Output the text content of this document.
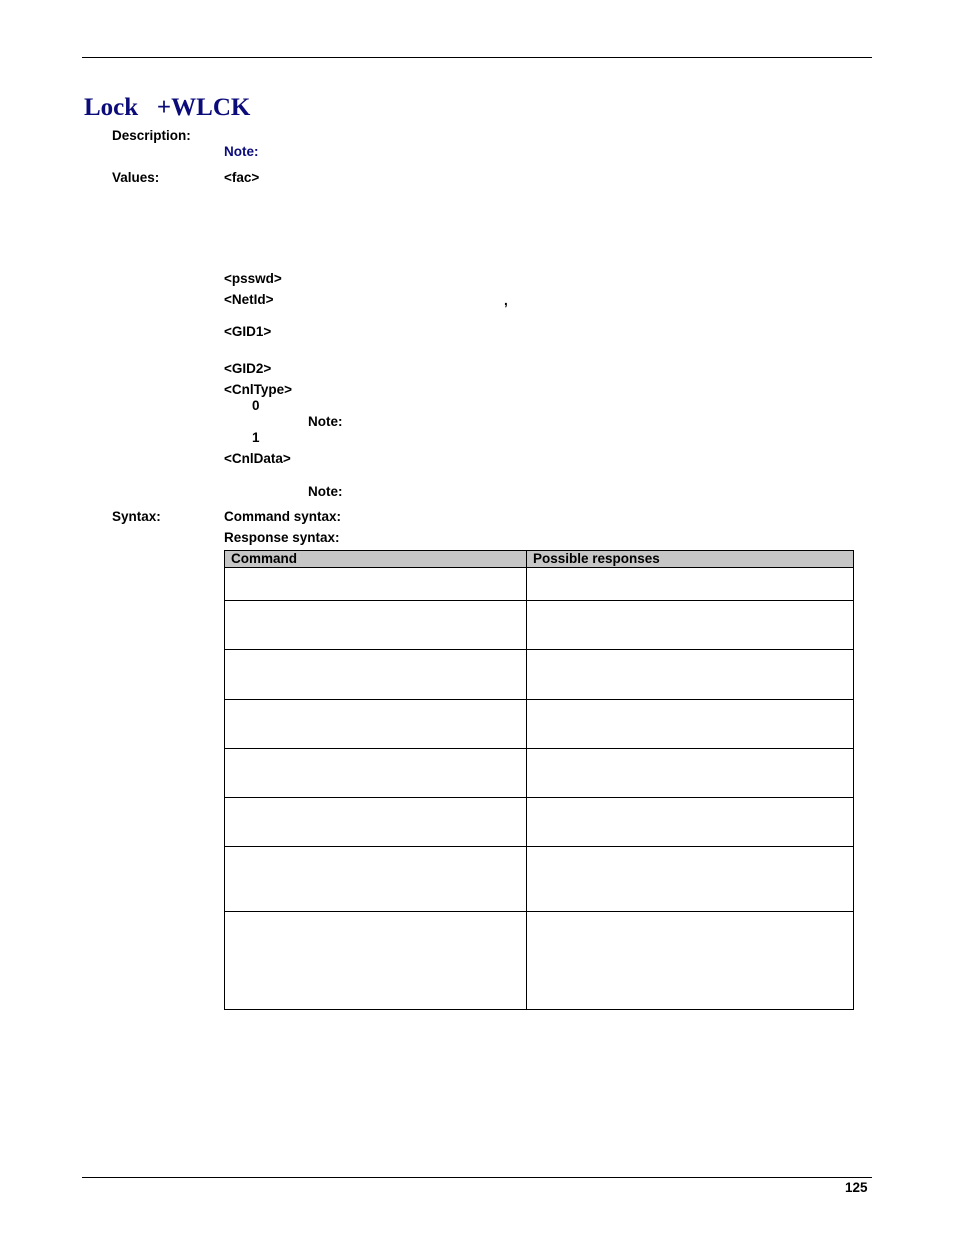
Lock   +WLCK
Description:
Note:
Values:	<fac>
<psswd>
<NetId>	,
<GID1>
<GID2>
<CnlType>
0
Note:
1
<CnlData>
Note:
Syntax:	Command syntax:
Response syntax:
Command	Possible responses

125
